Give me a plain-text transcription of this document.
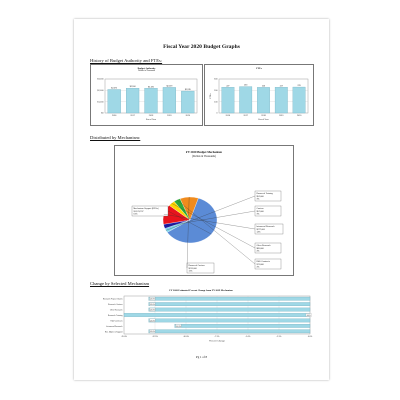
Fiscal Year 2020 Budget Graphs
History of Budget Authority and FTEs:
Budget Authority
Dollars in Thousands
$0
$1,000
$2,000
$3,000
$2,075
2016
$2,184
2017
$2,181
2018
$2,259
2019
$1,935
2020
Fiscal Year
FTEs
0
100
200
300
227
2016
233
2017
226
2018
227
2019
229
2020
Fiscal Year
FTEs
Distributed by Mechanism:
FY 2020 Budget Mechanism
(Dollars in Thousands)
Mechanism Support (RPGs)
$1,123,737
61%
Research Training
$52,000
3%
Centers
$57,000
3%
Intramural Research
$277,000
14%
Other Research
$85,000
4%
R&D Contracts
$71,000
4%
Research Centers
$211,000
11%
Change by Selected Mechanism
FY 2020 Estimated Percent Change from FY 2019 Mechanism
-15.0%	-12.5%	-10.0%	-7.5%	-5.0%	-2.5%	0.0%
Research Project Grants	-13.0%
Research Centers	-13.0%
Other Research	-13.0%
Research Training	0.0%
R&D Contracts	-13.0%
Intramural Research	-10.9%
Res. Mgmt. & Support	-13.0%
Percent Change
Pg 1 of 8
